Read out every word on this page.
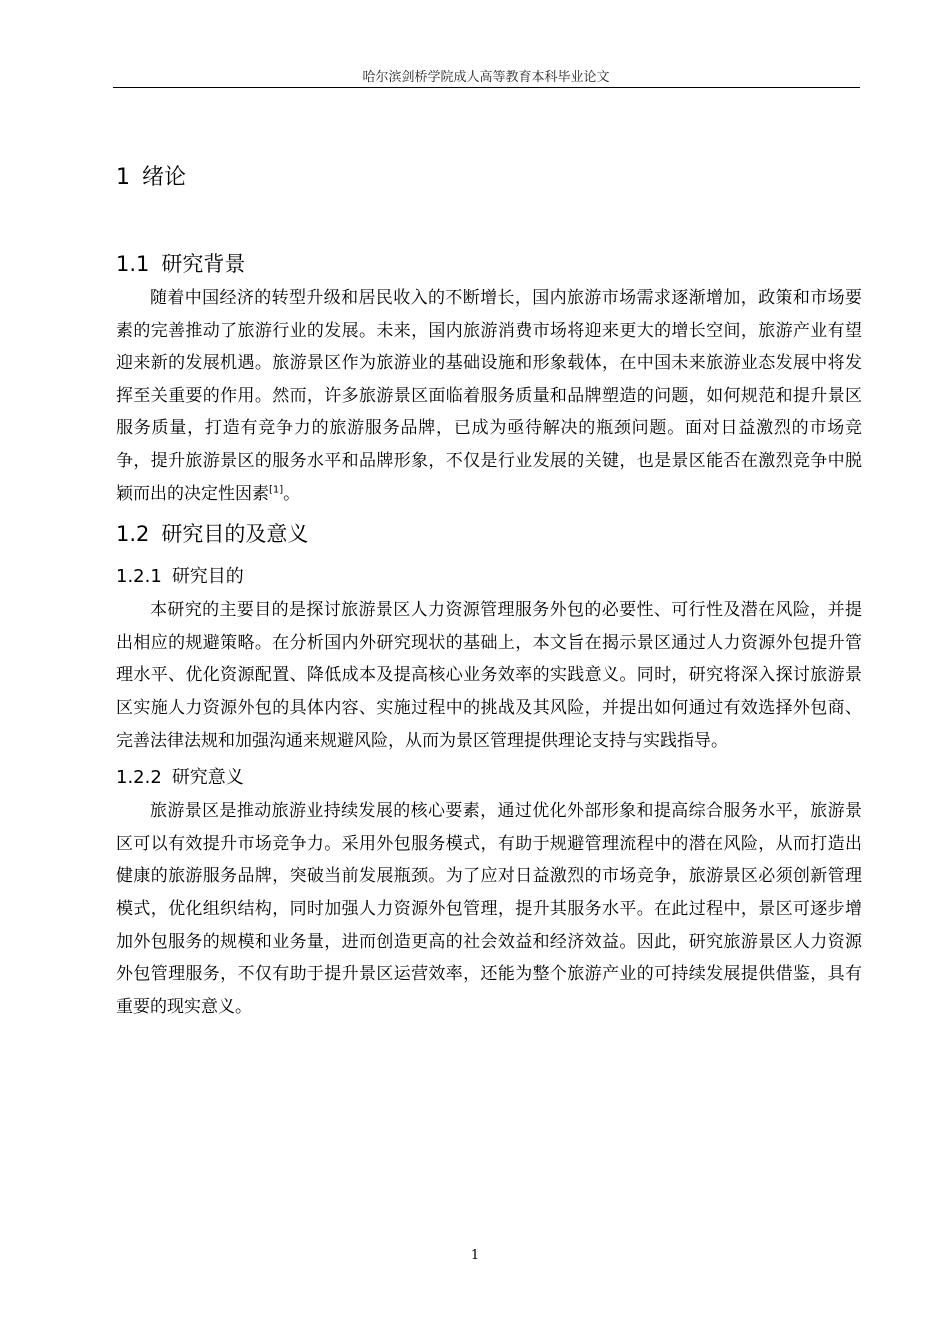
哈尔滨剑桥学院成人高等教育本科毕业论文
1 绪论
1.1 研究背景

随着中国经济的转型升级和居民收入的不断增长，国内旅游市场需求逐渐增加，政策和市场要素的完善推动了旅游行业的发展。未来，国内旅游消费市场将迎来更大的增长空间，旅游产业有望迎来新的发展机遇。旅游景区作为旅游业的基础设施和形象载体，在中国未来旅游业态发展中将发挥至关重要的作用。然而，许多旅游景区面临着服务质量和品牌塑造的问题，如何规范和提升景区服务质量，打造有竞争力的旅游服务品牌，已成为亟待解决的瓶颈问题。面对日益激烈的市场竞争，提升旅游景区的服务水平和品牌形象，不仅是行业发展的关键，也是景区能否在激烈竞争中脱颖而出的决定性因素[1]。

1.2 研究目的及意义
1.2.1 研究目的

本研究的主要目的是探讨旅游景区人力资源管理服务外包的必要性、可行性及潜在风险，并提出相应的规避策略。在分析国内外研究现状的基础上，本文旨在揭示景区通过人力资源外包提升管理水平、优化资源配置、降低成本及提高核心业务效率的实践意义。同时，研究将深入探讨旅游景区实施人力资源外包的具体内容、实施过程中的挑战及其风险，并提出如何通过有效选择外包商、完善法律法规和加强沟通来规避风险，从而为景区管理提供理论支持与实践指导。

1.2.2 研究意义

旅游景区是推动旅游业持续发展的核心要素，通过优化外部形象和提高综合服务水平，旅游景区可以有效提升市场竞争力。采用外包服务模式，有助于规避管理流程中的潜在风险，从而打造出健康的旅游服务品牌，突破当前发展瓶颈。为了应对日益激烈的市场竞争，旅游景区必须创新管理模式，优化组织结构，同时加强人力资源外包管理，提升其服务水平。在此过程中，景区可逐步增加外包服务的规模和业务量，进而创造更高的社会效益和经济效益。因此，研究旅游景区人力资源外包管理服务，不仅有助于提升景区运营效率，还能为整个旅游产业的可持续发展提供借鉴，具有重要的现实意义。

1
